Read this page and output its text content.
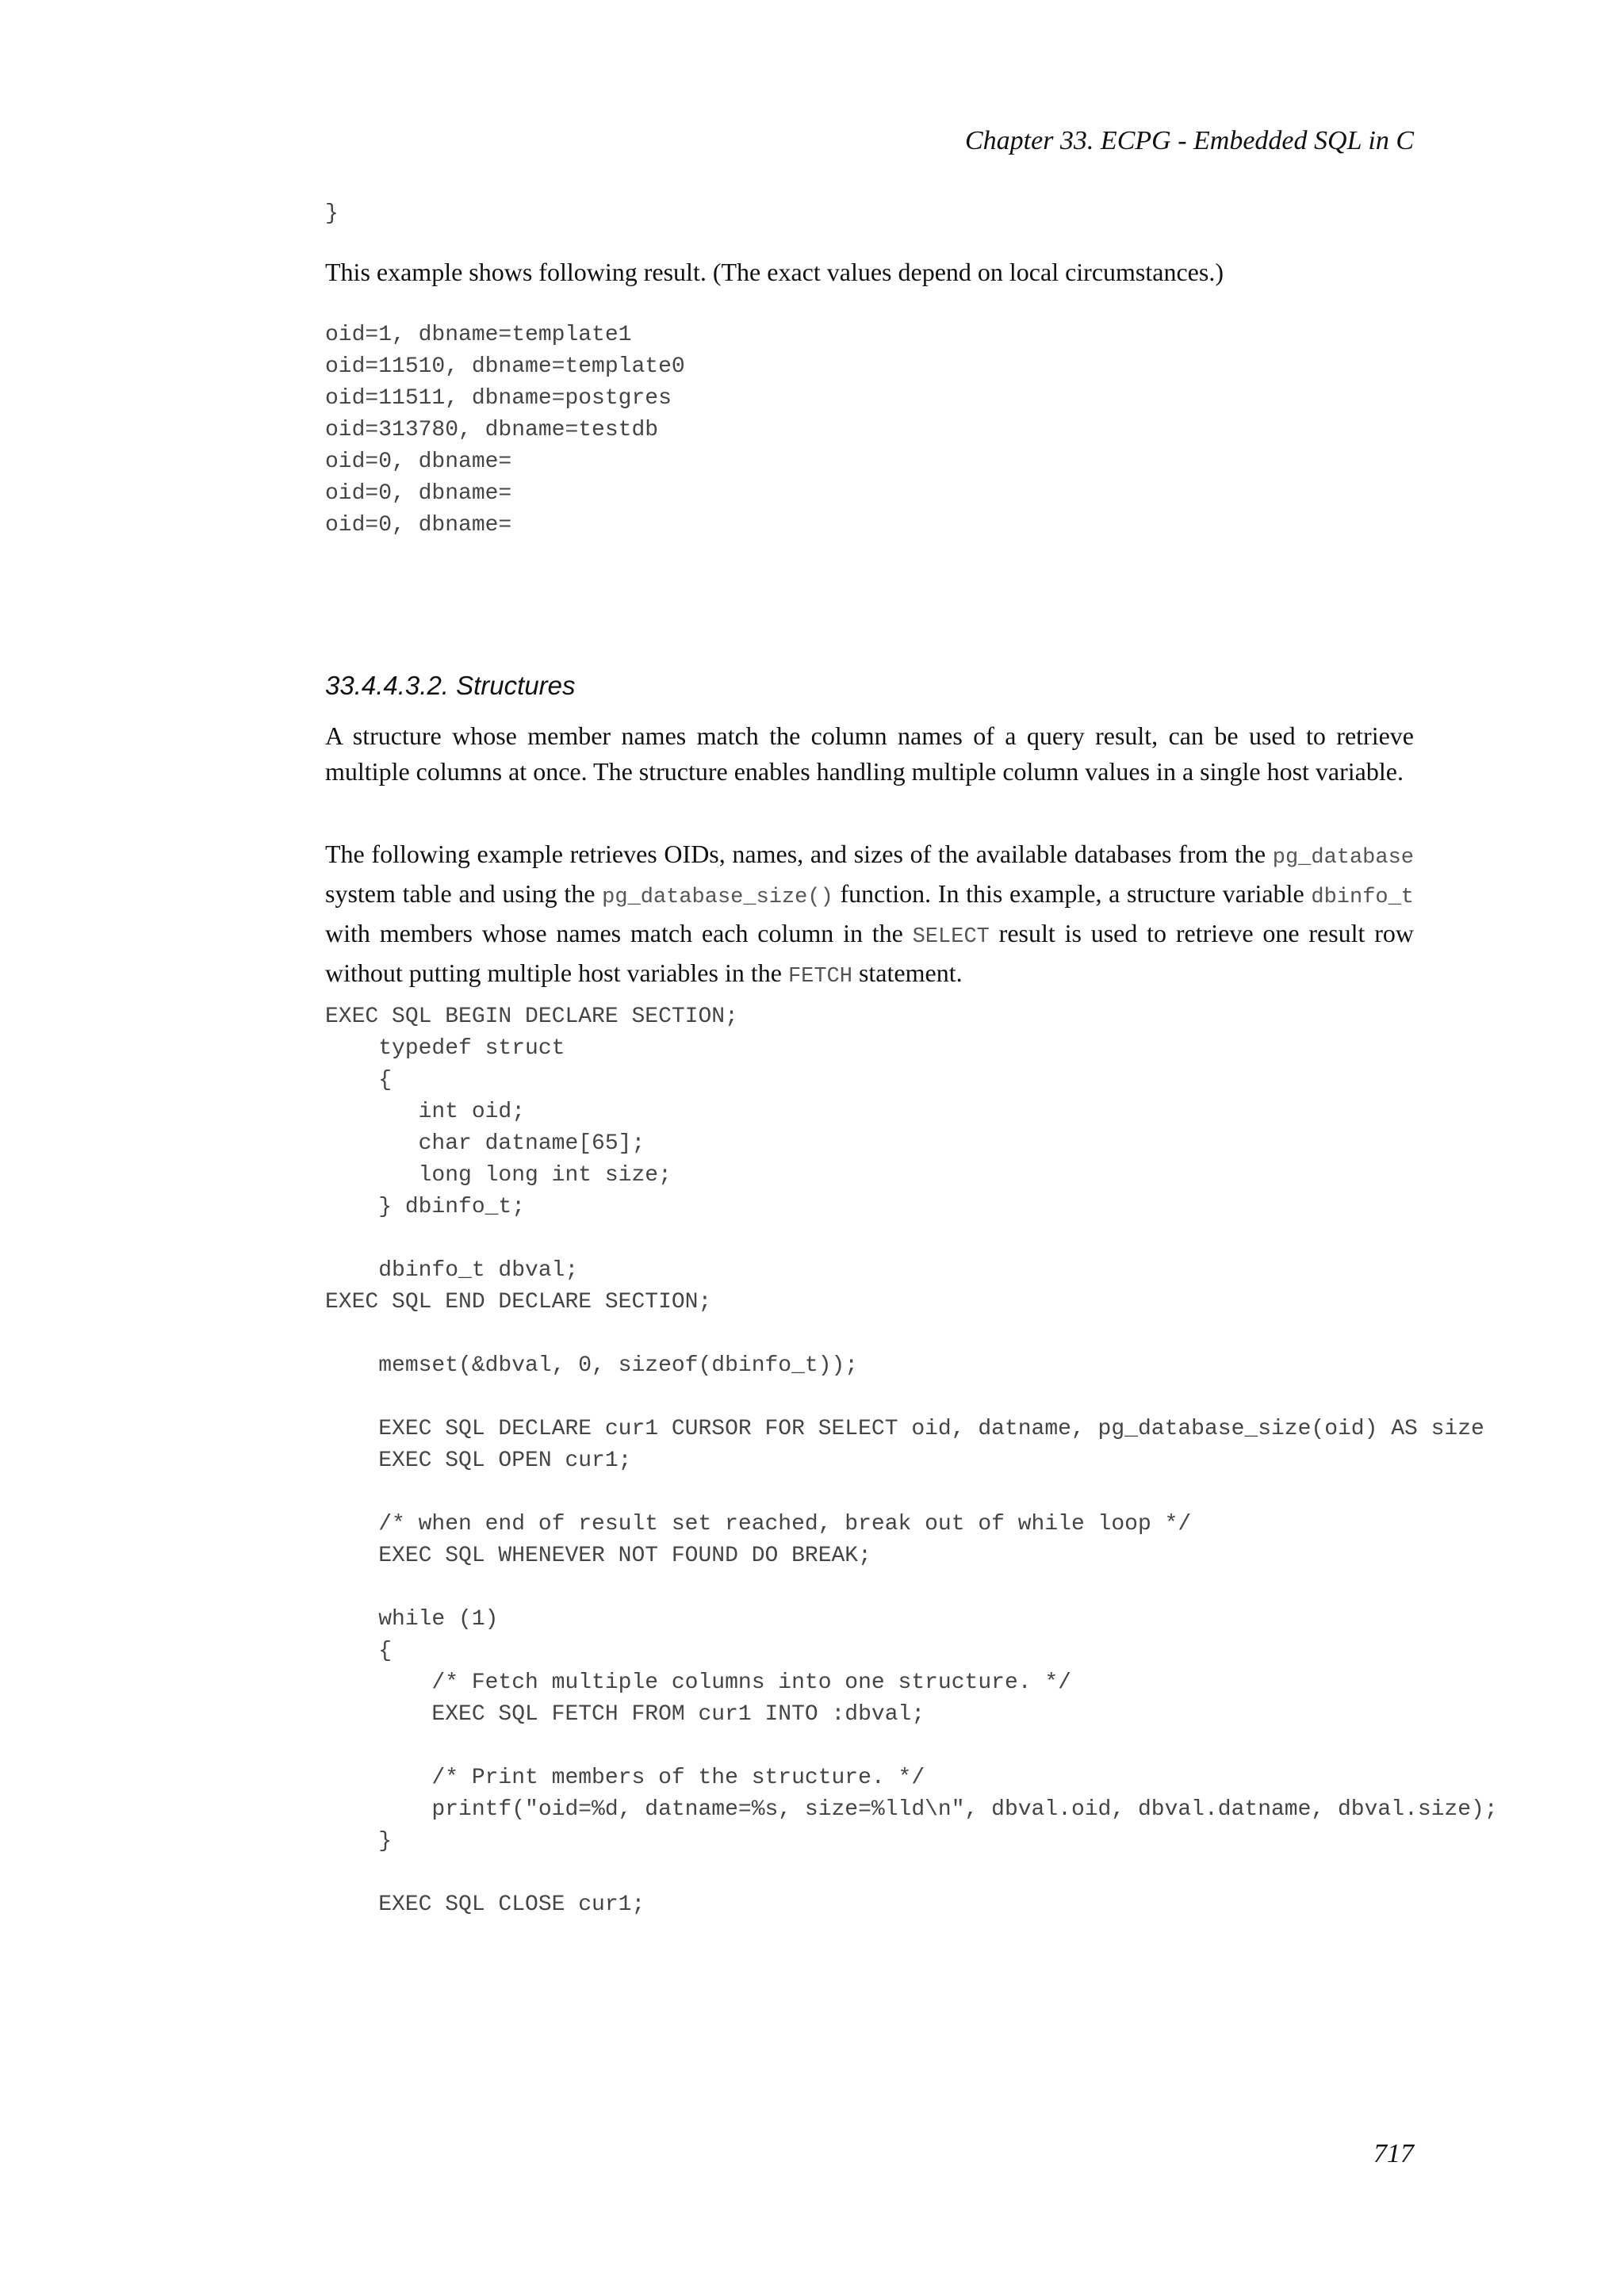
Chapter 33. ECPG - Embedded SQL in C
}

This example shows following result. (The exact values depend on local circumstances.)

oid=1, dbname=template1
oid=11510, dbname=template0
oid=11511, dbname=postgres
oid=313780, dbname=testdb
oid=0, dbname=
oid=0, dbname=
oid=0, dbname=
33.4.4.3.2. Structures

A structure whose member names match the column names of a query result, can be used to retrieve multiple columns at once. The structure enables handling multiple column values in a single host variable.

The following example retrieves OIDs, names, and sizes of the available databases from the pg_database system table and using the pg_database_size() function. In this example, a structure variable dbinfo_t with members whose names match each column in the SELECT result is used to retrieve one result row without putting multiple host variables in the FETCH statement.

EXEC SQL BEGIN DECLARE SECTION;
typedef struct
{
int oid;
char datname[65];
long long int size;
} dbinfo_t;

dbinfo_t dbval;
EXEC SQL END DECLARE SECTION;

memset(&dbval, 0, sizeof(dbinfo_t));

EXEC SQL DECLARE cur1 CURSOR FOR SELECT oid, datname, pg_database_size(oid) AS size
EXEC SQL OPEN cur1;

/* when end of result set reached, break out of while loop */
EXEC SQL WHENEVER NOT FOUND DO BREAK;

while (1)
{
/* Fetch multiple columns into one structure. */
EXEC SQL FETCH FROM cur1 INTO :dbval;

/* Print members of the structure. */
printf("oid=%d, datname=%s, size=%lld\n", dbval.oid, dbval.datname, dbval.size);
}

EXEC SQL CLOSE cur1;
717
